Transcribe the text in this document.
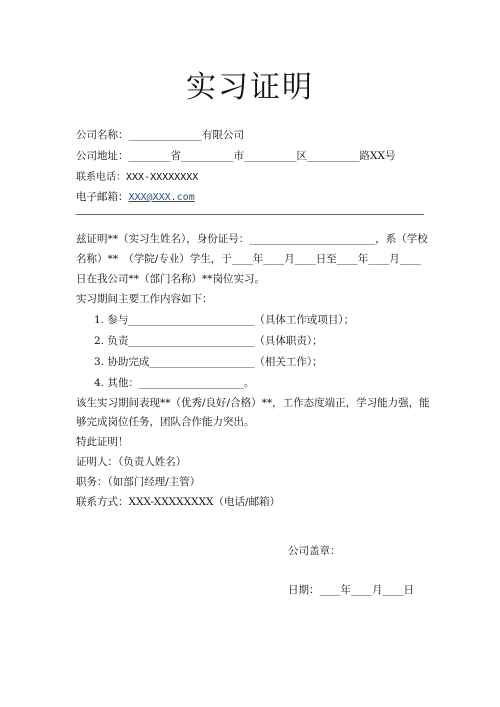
实习证明
公司名称：______________有限公司
公司地址：________省__________市__________区__________路XX号
联系电话：XXX-XXXXXXXX
电子邮箱：XXX@XXX.com
兹证明**（实习生姓名），身份证号：________________________，系（学校
名称）**　（学院/专业）学生，于____年____月____日至____年____月____
日在我公司**（部门名称）**岗位实习。
实习期间主要工作内容如下：
1. 参与________________________（具体工作或项目）；
2. 负责________________________（具体职责）；
3. 协助完成____________________（相关工作）；
4. 其他：____________________。
该生实习期间表现**（优秀/良好/合格）**，工作态度端正，学习能力强，能
够完成岗位任务，团队合作能力突出。
特此证明！
证明人：（负责人姓名）
职务：（如部门经理/主管）
联系方式：XXX-XXXXXXXX（电话/邮箱）
公司盖章：
日期：____年____月____日
